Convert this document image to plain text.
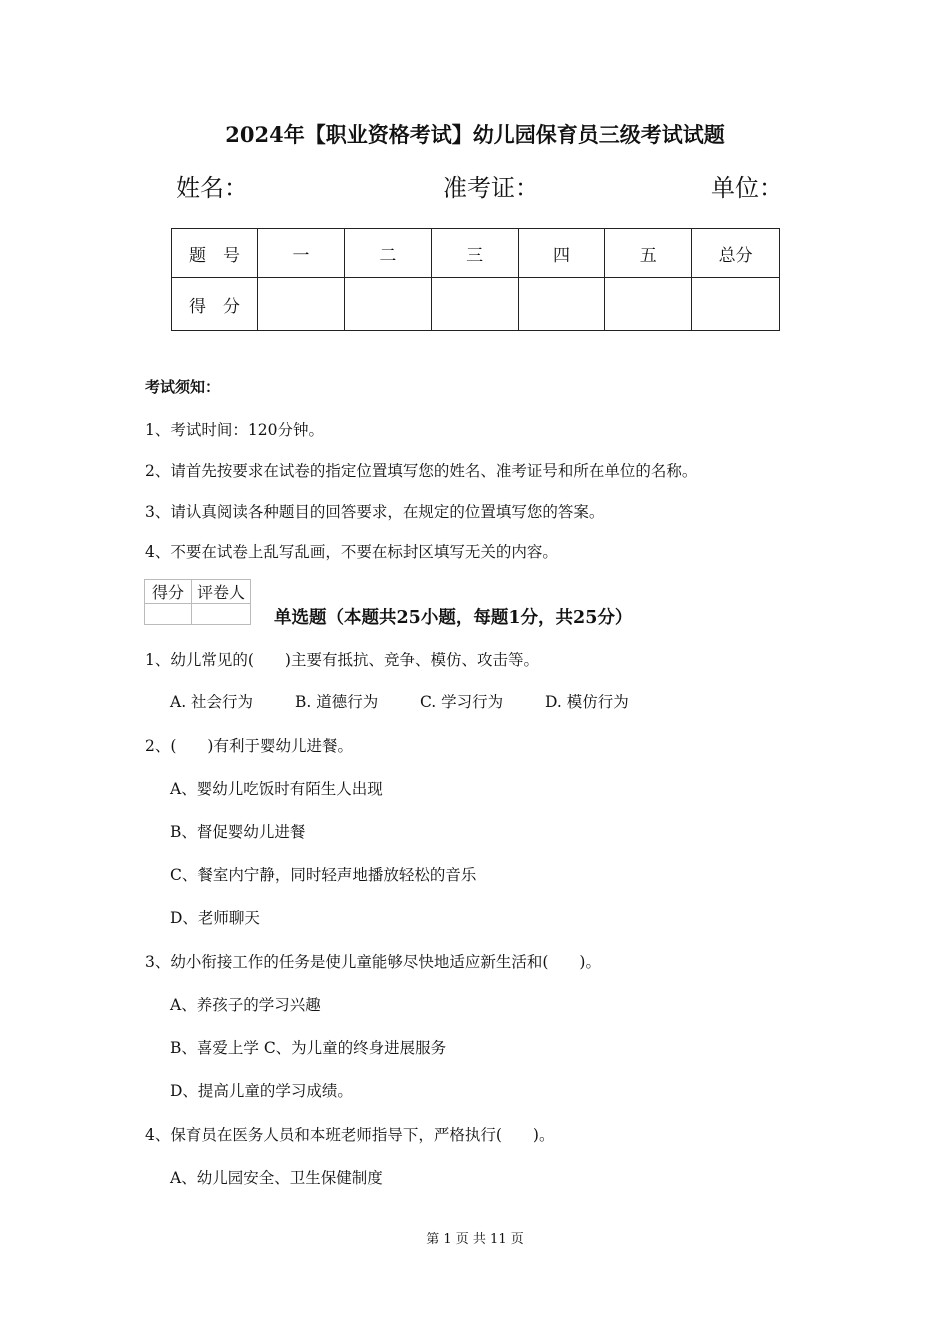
2024年【职业资格考试】幼儿园保育员三级考试试题
姓名：	准考证：	单位：
题　号	一	二	三	四	五	总分
得　分						
考试须知：
1、考试时间：120分钟。
2、请首先按要求在试卷的指定位置填写您的姓名、准考证号和所在单位的名称。
3、请认真阅读各种题目的回答要求，在规定的位置填写您的答案。
4、不要在试卷上乱写乱画，不要在标封区填写无关的内容。
得分	评卷人

单选题（本题共25小题，每题1分，共25分）
1、幼儿常见的(　　)主要有抵抗、竞争、模仿、攻击等。
A. 社会行为	B. 道德行为	C. 学习行为	D. 模仿行为
2、(　　)有利于婴幼儿进餐。
A、婴幼儿吃饭时有陌生人出现
B、督促婴幼儿进餐
C、餐室内宁静，同时轻声地播放轻松的音乐
D、老师聊天
3、幼小衔接工作的任务是使儿童能够尽快地适应新生活和(　　)。
A、养孩子的学习兴趣
B、喜爱上学 C、为儿童的终身进展服务
D、提高儿童的学习成绩。
4、保育员在医务人员和本班老师指导下，严格执行(　　)。
A、幼儿园安全、卫生保健制度
第 1 页 共 11 页
